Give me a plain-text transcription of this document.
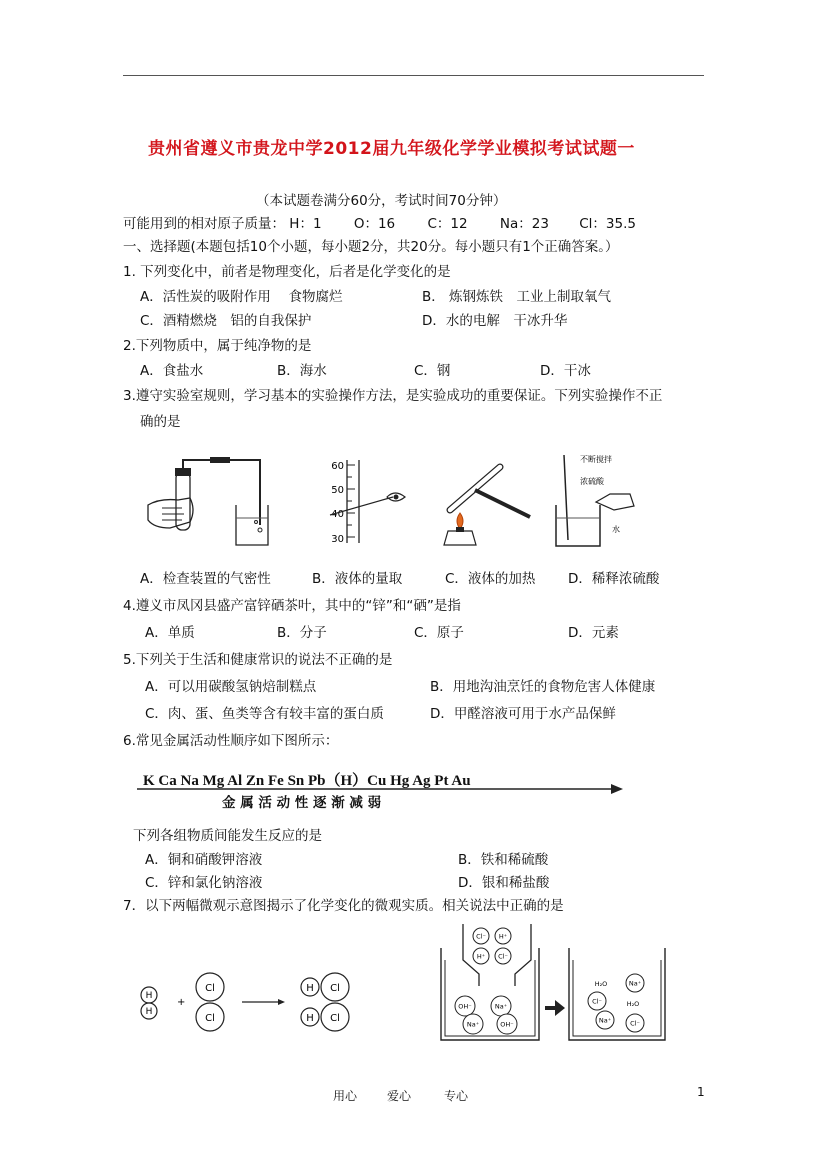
贵州省遵义市贵龙中学2012届九年级化学学业模拟考试试题一
（本试题卷满分60分，考试时间70分钟）
可能用到的相对原子质量： H：1 O：16 C：12 Na：23 Cl：35.5
一、选择题(本题包括10个小题，每小题2分，共20分。每小题只有1个正确答案。）
1. 下列变化中，前者是物理变化，后者是化学变化的是
A．活性炭的吸附作用　 食物腐烂	B． 炼钢炼铁　工业上制取氧气
C．酒精燃烧　铝的自我保护	D．水的电解　干冰升华
2.下列物质中，属于纯净物的是
A．食盐水	B．海水	C．钢	D．干冰
3.遵守实验室规则，学习基本的实验操作方法，是实验成功的重要保证。下列实验操作不正
确的是
60
50
40
30
不断搅拌
浓硫酸
水
A．检查装置的气密性	B．液体的量取	C．液体的加热 D．稀释浓硫酸
4.遵义市凤冈县盛产富锌硒茶叶，其中的“锌”和“硒”是指
A．单质	B．分子	C．原子	D．元素
5.下列关于生活和健康常识的说法不正确的是
A．可以用碳酸氢钠焙制糕点	B．用地沟油烹饪的食物危害人体健康
C．肉、蛋、鱼类等含有较丰富的蛋白质	D．甲醛溶液可用于水产品保鲜
6.常见金属活动性顺序如下图所示：
K Ca Na Mg Al Zn Fe Sn Pb（H）Cu Hg Ag Pt Au
金 属 活 动 性 逐 渐 减 弱
下列各组物质间能发生反应的是
A．铜和硝酸钾溶液	B．铁和稀硫酸
C．锌和氯化钠溶液	D．银和稀盐酸
7．以下两幅微观示意图揭示了化学变化的微观实质。相关说法中正确的是
H
H
+
Cl
Cl
H Cl
H Cl
Cl⁻ H⁺
H⁺ Cl⁻
OH⁻	Na⁺
Na⁺	OH⁻
H₂O	Na⁺
Cl⁻	H₂O
Na⁺	Cl⁻
用心 爱心	专心	1
